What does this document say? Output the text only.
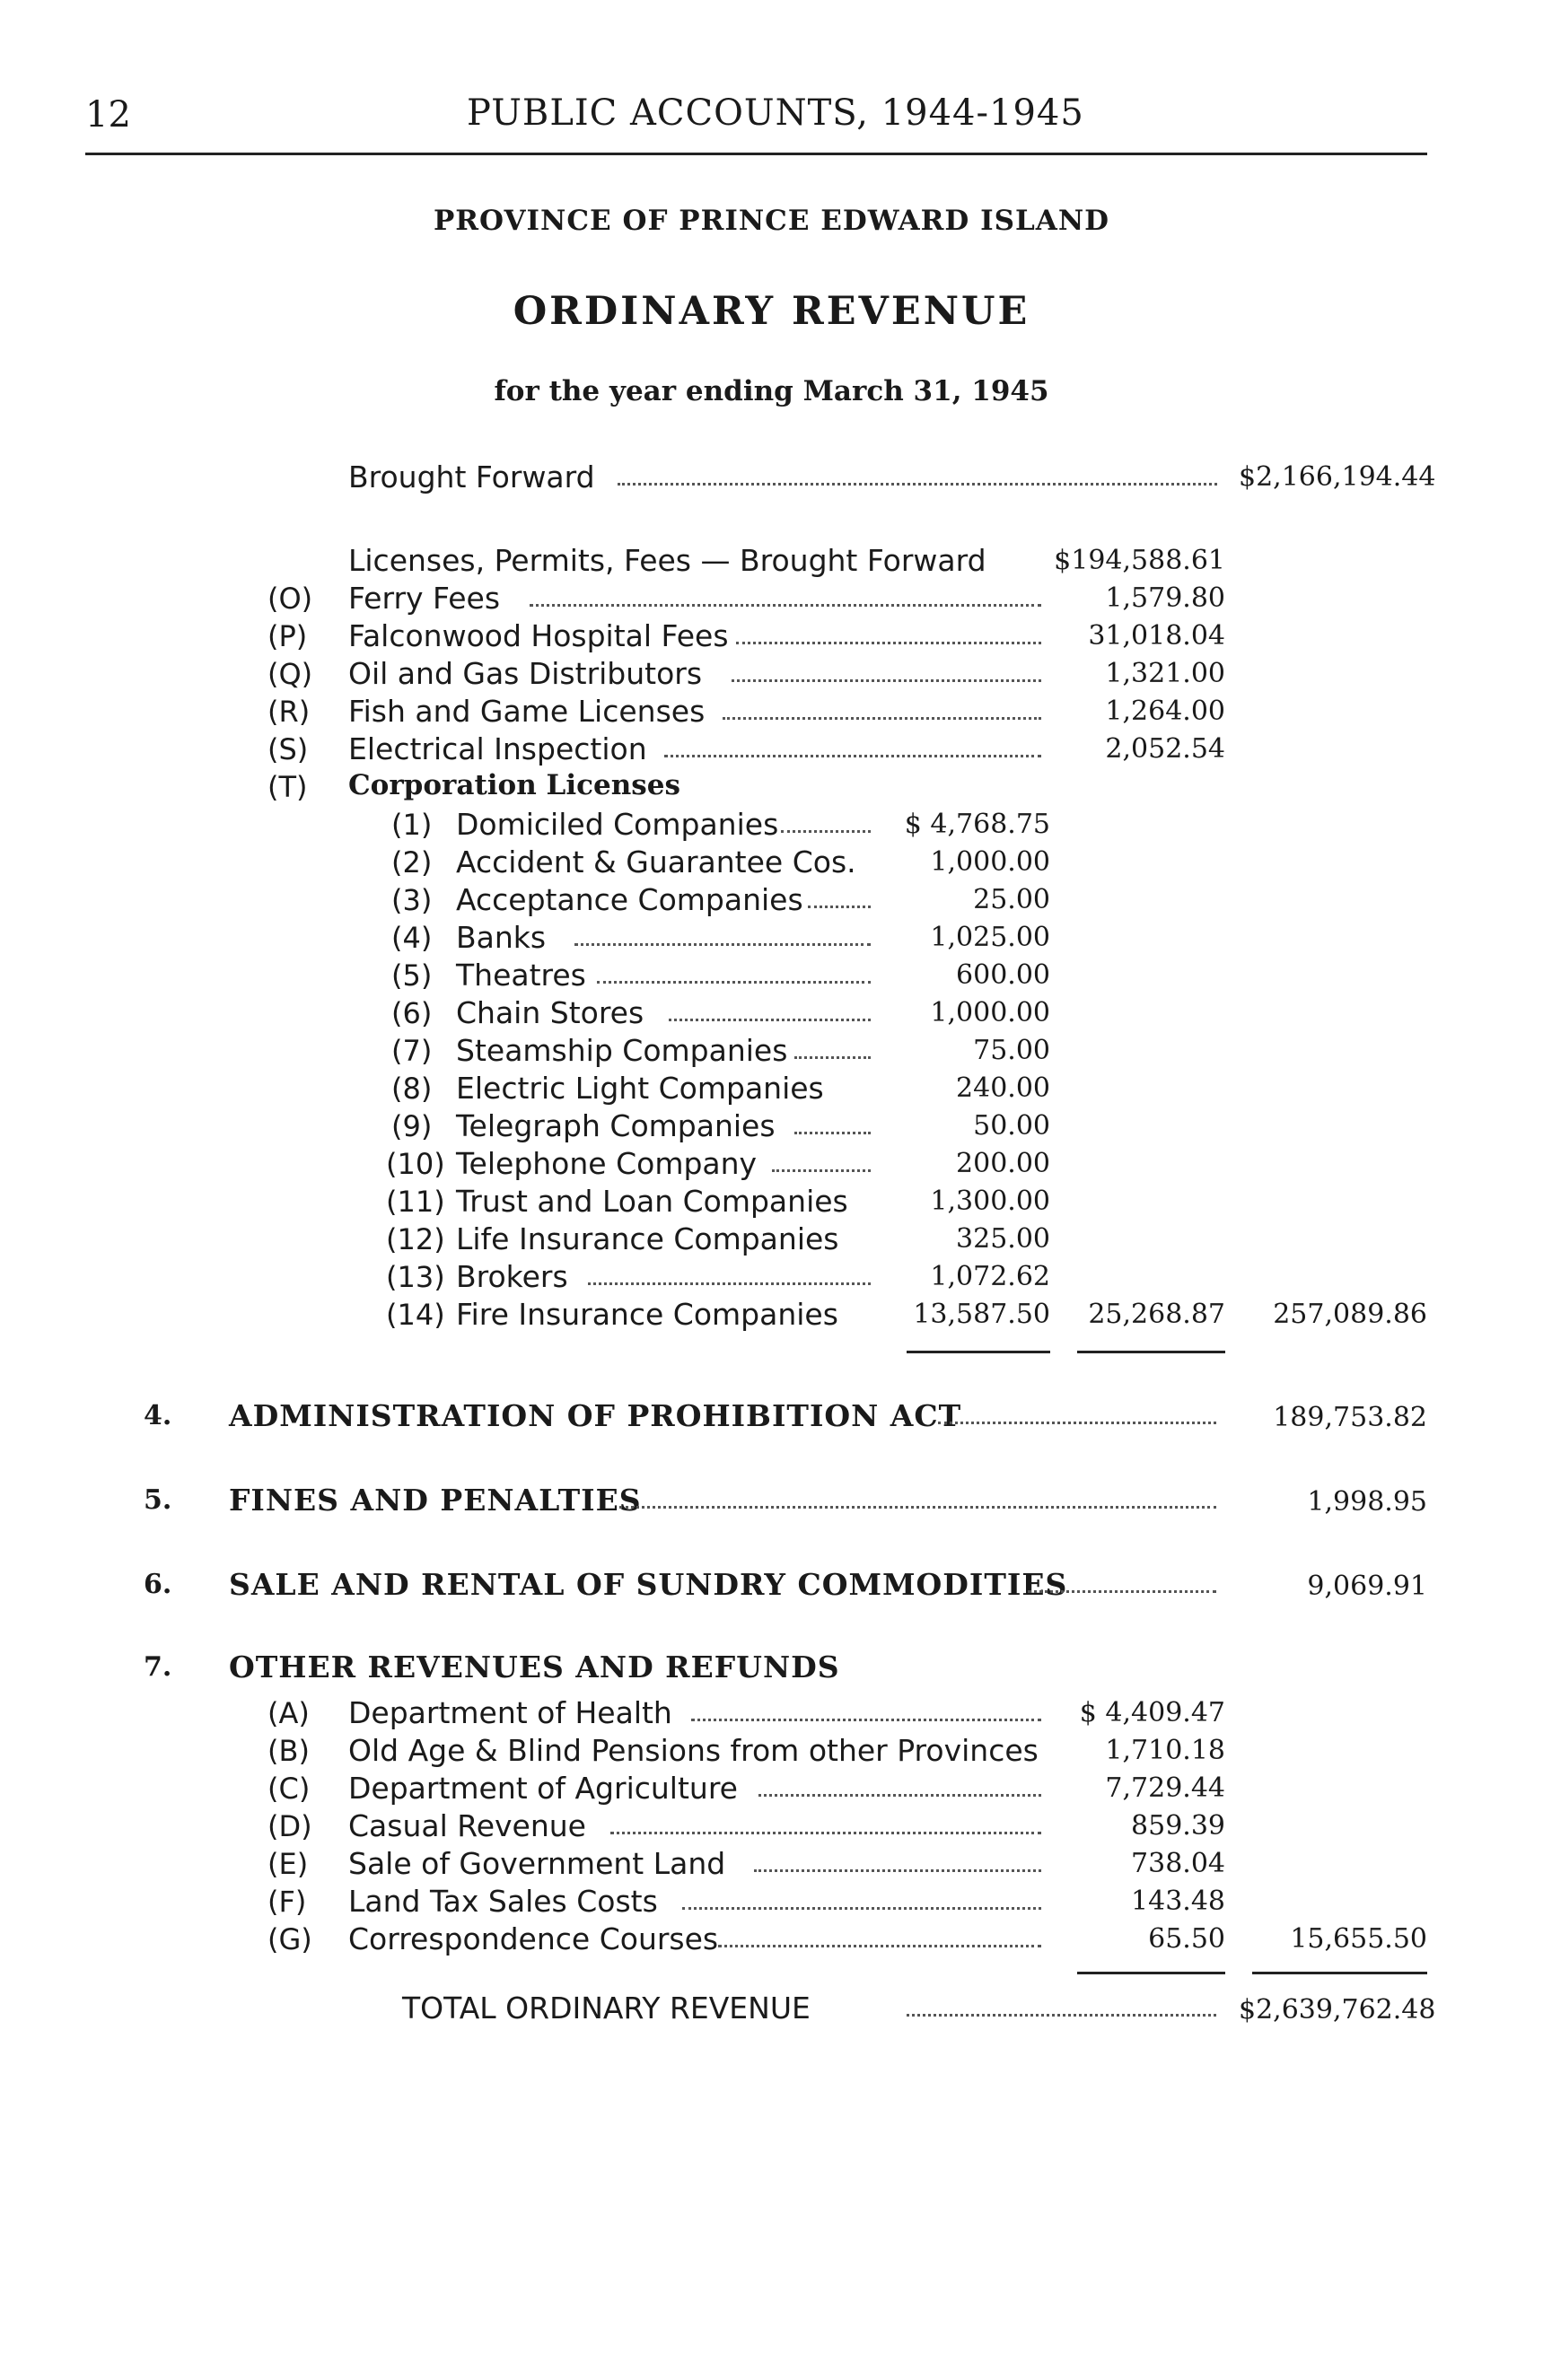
12	PUBLIC ACCOUNTS, 1944-1945
PROVINCE OF PRINCE EDWARD ISLAND
ORDINARY REVENUE
for the year ending March 31, 1945
Brought Forward	$2,166,194.44
Licenses, Permits, Fees — Brought Forward	$194,588.61
(O) Ferry Fees	1,579.80
(P) Falconwood Hospital Fees	31,018.04
(Q) Oil and Gas Distributors	1,321.00
(R) Fish and Game Licenses	1,264.00
(S) Electrical Inspection	2,052.54
(T) Corporation Licenses
(1) Domiciled Companies	$ 4,768.75
(2) Accident & Guarantee Cos.	1,000.00
(3) Acceptance Companies	25.00
(4) Banks	1,025.00
(5) Theatres	600.00
(6) Chain Stores	1,000.00
(7) Steamship Companies	75.00
(8) Electric Light Companies	240.00
(9) Telegraph Companies	50.00
(10) Telephone Company	200.00
(11) Trust and Loan Companies	1,300.00
(12) Life Insurance Companies	325.00
(13) Brokers	1,072.62
(14) Fire Insurance Companies	13,587.50	25,268.87	257,089.86
4. ADMINISTRATION OF PROHIBITION ACT	189,753.82
5. FINES AND PENALTIES	1,998.95
6. SALE AND RENTAL OF SUNDRY COMMODITIES	9,069.91
7. OTHER REVENUES AND REFUNDS
(A) Department of Health	$ 4,409.47
(B) Old Age & Blind Pensions from other Provinces	1,710.18
(C) Department of Agriculture	7,729.44
(D) Casual Revenue	859.39
(E) Sale of Government Land	738.04
(F) Land Tax Sales Costs	143.48
(G) Correspondence Courses	65.50	15,655.50
TOTAL ORDINARY REVENUE	$2,639,762.48
